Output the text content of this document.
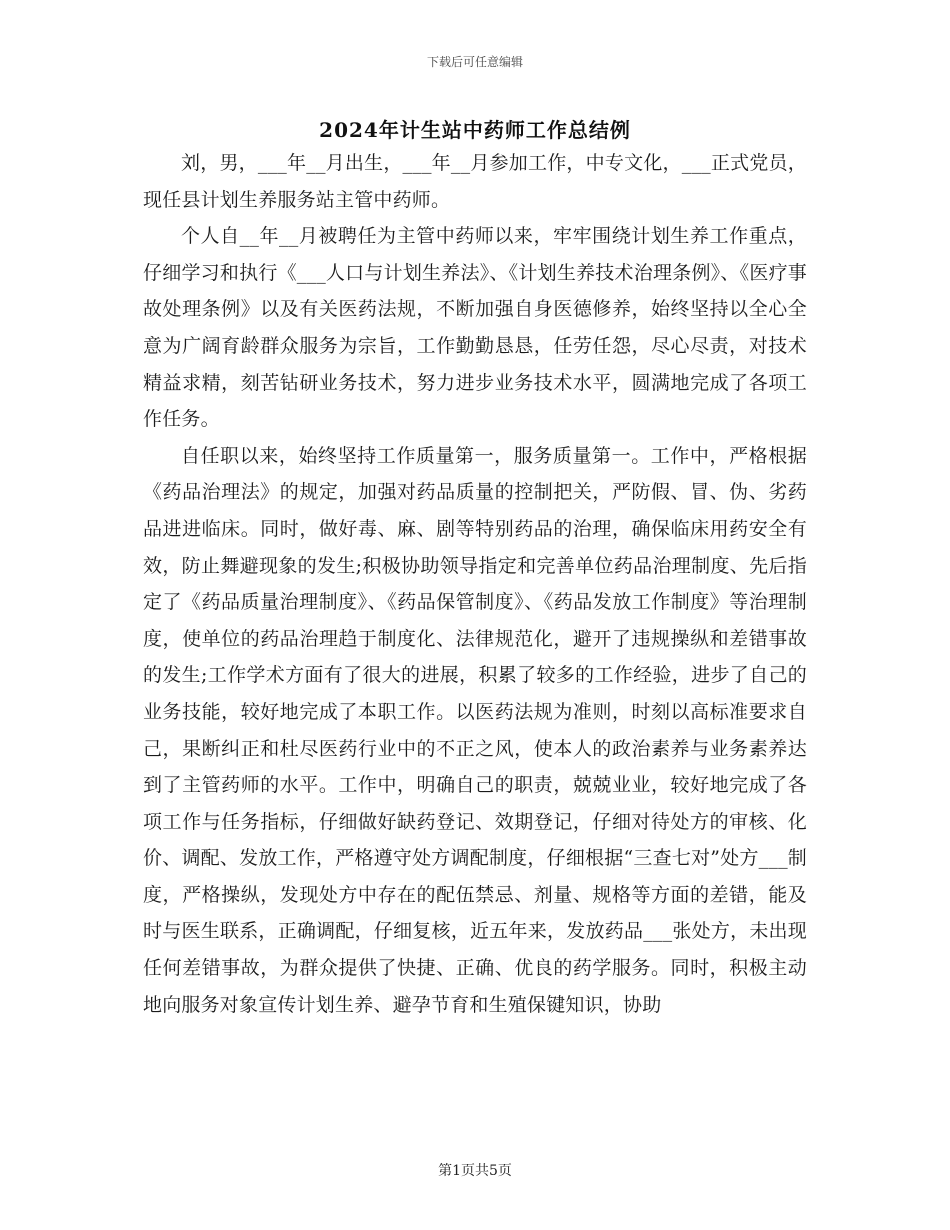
下载后可任意编辑
2024年计生站中药师工作总结例

刘，男，___年__月出生，___年__月参加工作，中专文化，___正式党员，现任县计划生养服务站主管中药师。

个人自__年__月被聘任为主管中药师以来，牢牢围绕计划生养工作重点，仔细学习和执行《___人口与计划生养法》、《计划生养技术治理条例》、《医疗事故处理条例》以及有关医药法规，不断加强自身医德修养，始终坚持以全心全意为广阔育龄群众服务为宗旨，工作勤勤恳恳，任劳任怨，尽心尽责，对技术精益求精，刻苦钻研业务技术，努力进步业务技术水平，圆满地完成了各项工作任务。

自任职以来，始终坚持工作质量第一，服务质量第一。工作中，严格根据《药品治理法》的规定，加强对药品质量的控制把关，严防假、冒、伪、劣药品进进临床。同时，做好毒、麻、剧等特别药品的治理，确保临床用药安全有效，防止舞避现象的发生;积极协助领导指定和完善单位药品治理制度、先后指定了《药品质量治理制度》、《药品保管制度》、《药品发放工作制度》等治理制度，使单位的药品治理趋于制度化、法律规范化，避开了违规操纵和差错事故的发生;工作学术方面有了很大的进展，积累了较多的工作经验，进步了自己的业务技能，较好地完成了本职工作。以医药法规为准则，时刻以高标准要求自己，果断纠正和杜尽医药行业中的不正之风，使本人的政治素养与业务素养达到了主管药师的水平。工作中，明确自己的职责，兢兢业业，较好地完成了各项工作与任务指标，仔细做好缺药登记、效期登记，仔细对待处方的审核、化价、调配、发放工作，严格遵守处方调配制度，仔细根据“三查七对”处方___制度，严格操纵，发现处方中存在的配伍禁忌、剂量、规格等方面的差错，能及时与医生联系，正确调配，仔细复核，近五年来，发放药品___张处方，未出现任何差错事故，为群众提供了快捷、正确、优良的药学服务。同时，积极主动地向服务对象宣传计划生养、避孕节育和生殖保键知识，协助

第1页共5页
